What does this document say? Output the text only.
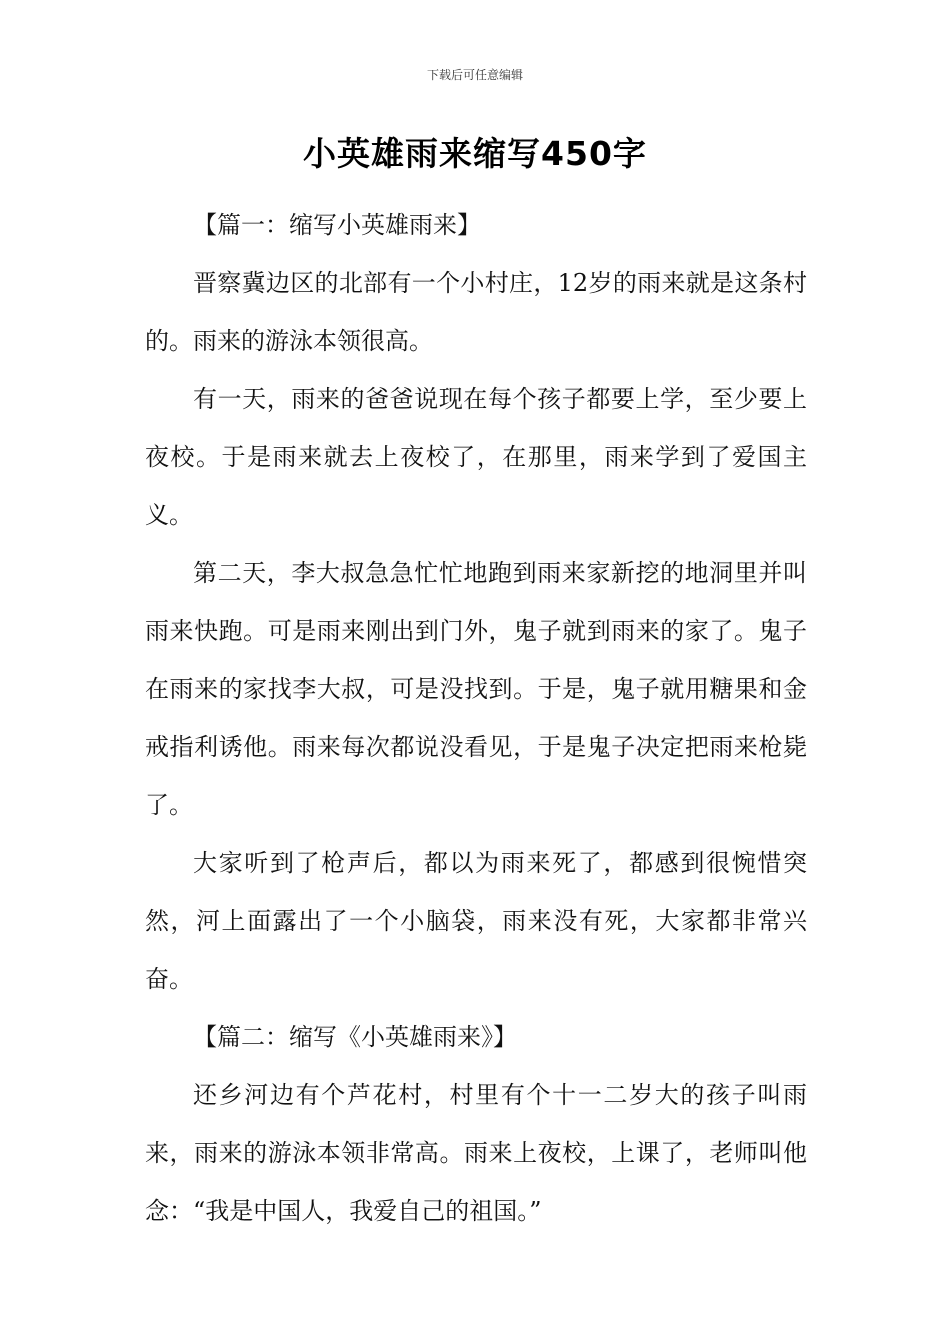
下载后可任意编辑
小英雄雨来缩写450字

【篇一：缩写小英雄雨来】

晋察冀边区的北部有一个小村庄，12岁的雨来就是这条村的。雨来的游泳本领很高。

有一天，雨来的爸爸说现在每个孩子都要上学，至少要上夜校。于是雨来就去上夜校了，在那里，雨来学到了爱国主义。

第二天，李大叔急急忙忙地跑到雨来家新挖的地洞里并叫雨来快跑。可是雨来刚出到门外，鬼子就到雨来的家了。鬼子在雨来的家找李大叔，可是没找到。于是，鬼子就用糖果和金戒指利诱他。雨来每次都说没看见，于是鬼子决定把雨来枪毙了。

大家听到了枪声后，都以为雨来死了，都感到很惋惜突然，河上面露出了一个小脑袋，雨来没有死，大家都非常兴奋。

【篇二：缩写《小英雄雨来》】

还乡河边有个芦花村，村里有个十一二岁大的孩子叫雨来，雨来的游泳本领非常高。雨来上夜校，上课了，老师叫他念：“我是中国人，我爱自己的祖国。”
